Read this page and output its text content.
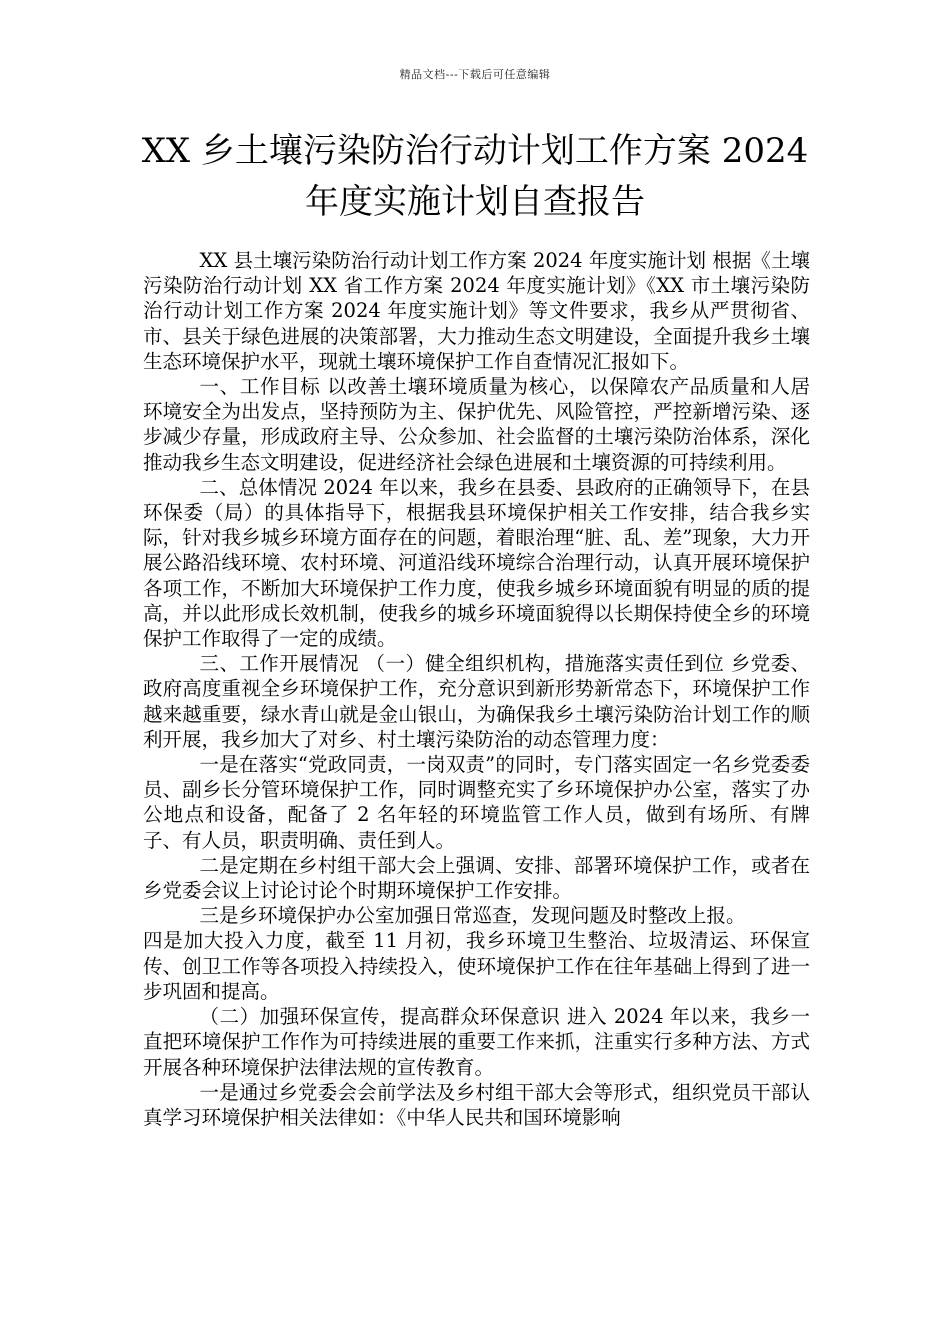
精品文档---下载后可任意编辑
XX 乡土壤污染防治行动计划工作方案 2024
年度实施计划自查报告

XX 县土壤污染防治行动计划工作方案 2024 年度实施计划 根据《土壤污染防治行动计划 XX 省工作方案 2024 年度实施计划》《XX 市土壤污染防治行动计划工作方案 2024 年度实施计划》等文件要求，我乡从严贯彻省、市、县关于绿色进展的决策部署，大力推动生态文明建设，全面提升我乡土壤生态环境保护水平，现就土壤环境保护工作自查情况汇报如下。

一、工作目标 以改善土壤环境质量为核心，以保障农产品质量和人居环境安全为出发点，坚持预防为主、保护优先、风险管控，严控新增污染、逐步减少存量，形成政府主导、公众参加、社会监督的土壤污染防治体系，深化推动我乡生态文明建设，促进经济社会绿色进展和土壤资源的可持续利用。

二、总体情况 2024 年以来，我乡在县委、县政府的正确领导下，在县环保委（局）的具体指导下，根据我县环境保护相关工作安排，结合我乡实际，针对我乡城乡环境方面存在的问题，着眼治理“脏、乱、差”现象，大力开展公路沿线环境、农村环境、河道沿线环境综合治理行动，认真开展环境保护各项工作，不断加大环境保护工作力度，使我乡城乡环境面貌有明显的质的提高，并以此形成长效机制，使我乡的城乡环境面貌得以长期保持使全乡的环境保护工作取得了一定的成绩。

三、工作开展情况 （一）健全组织机构，措施落实责任到位 乡党委、政府高度重视全乡环境保护工作，充分意识到新形势新常态下，环境保护工作越来越重要，绿水青山就是金山银山，为确保我乡土壤污染防治计划工作的顺利开展，我乡加大了对乡、村土壤污染防治的动态管理力度：

一是在落实“党政同责，一岗双责”的同时，专门落实固定一名乡党委委员、副乡长分管环境保护工作，同时调整充实了乡环境保护办公室，落实了办公地点和设备，配备了 2 名年轻的环境监管工作人员，做到有场所、有牌子、有人员，职责明确、责任到人。

二是定期在乡村组干部大会上强调、安排、部署环境保护工作，或者在乡党委会议上讨论讨论个时期环境保护工作安排。

三是乡环境保护办公室加强日常巡查，发现问题及时整改上报。

四是加大投入力度，截至 11 月初，我乡环境卫生整治、垃圾清运、环保宣传、创卫工作等各项投入持续投入，使环境保护工作在往年基础上得到了进一步巩固和提高。

（二）加强环保宣传，提高群众环保意识 进入 2024 年以来，我乡一直把环境保护工作作为可持续进展的重要工作来抓，注重实行多种方法、方式开展各种环境保护法律法规的宣传教育。

一是通过乡党委会会前学法及乡村组干部大会等形式，组织党员干部认真学习环境保护相关法律如：《中华人民共和国环境影响
